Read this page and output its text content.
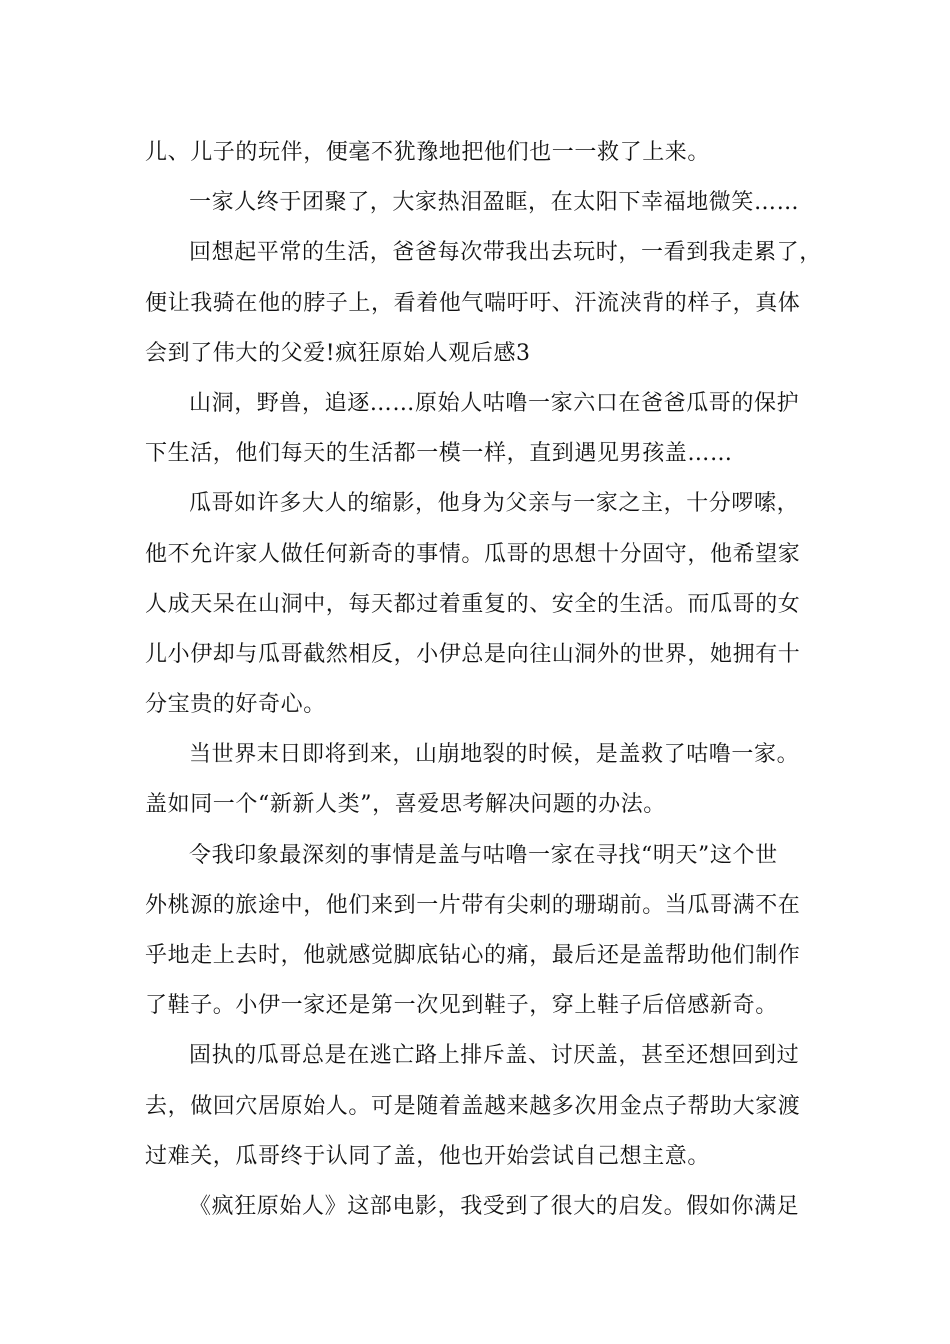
儿、儿子的玩伴，便毫不犹豫地把他们也一一救了上来。
一家人终于团聚了，大家热泪盈眶，在太阳下幸福地微笑……
回想起平常的生活，爸爸每次带我出去玩时，一看到我走累了，
便让我骑在他的脖子上，看着他气喘吁吁、汗流浃背的样子，真体
会到了伟大的父爱!疯狂原始人观后感3
山洞，野兽，追逐……原始人咕噜一家六口在爸爸瓜哥的保护
下生活，他们每天的生活都一模一样，直到遇见男孩盖……
瓜哥如许多大人的缩影，他身为父亲与一家之主，十分啰嗦，
他不允许家人做任何新奇的事情。瓜哥的思想十分固守，他希望家
人成天呆在山洞中，每天都过着重复的、安全的生活。而瓜哥的女
儿小伊却与瓜哥截然相反，小伊总是向往山洞外的世界，她拥有十
分宝贵的好奇心。
当世界末日即将到来，山崩地裂的时候，是盖救了咕噜一家。
盖如同一个“新新人类”，喜爱思考解决问题的办法。
令我印象最深刻的事情是盖与咕噜一家在寻找“明天”这个世
外桃源的旅途中，他们来到一片带有尖刺的珊瑚前。当瓜哥满不在
乎地走上去时，他就感觉脚底钻心的痛，最后还是盖帮助他们制作
了鞋子。小伊一家还是第一次见到鞋子，穿上鞋子后倍感新奇。
固执的瓜哥总是在逃亡路上排斥盖、讨厌盖，甚至还想回到过
去，做回穴居原始人。可是随着盖越来越多次用金点子帮助大家渡
过难关，瓜哥终于认同了盖，他也开始尝试自己想主意。
《疯狂原始人》这部电影，我受到了很大的启发。假如你满足
